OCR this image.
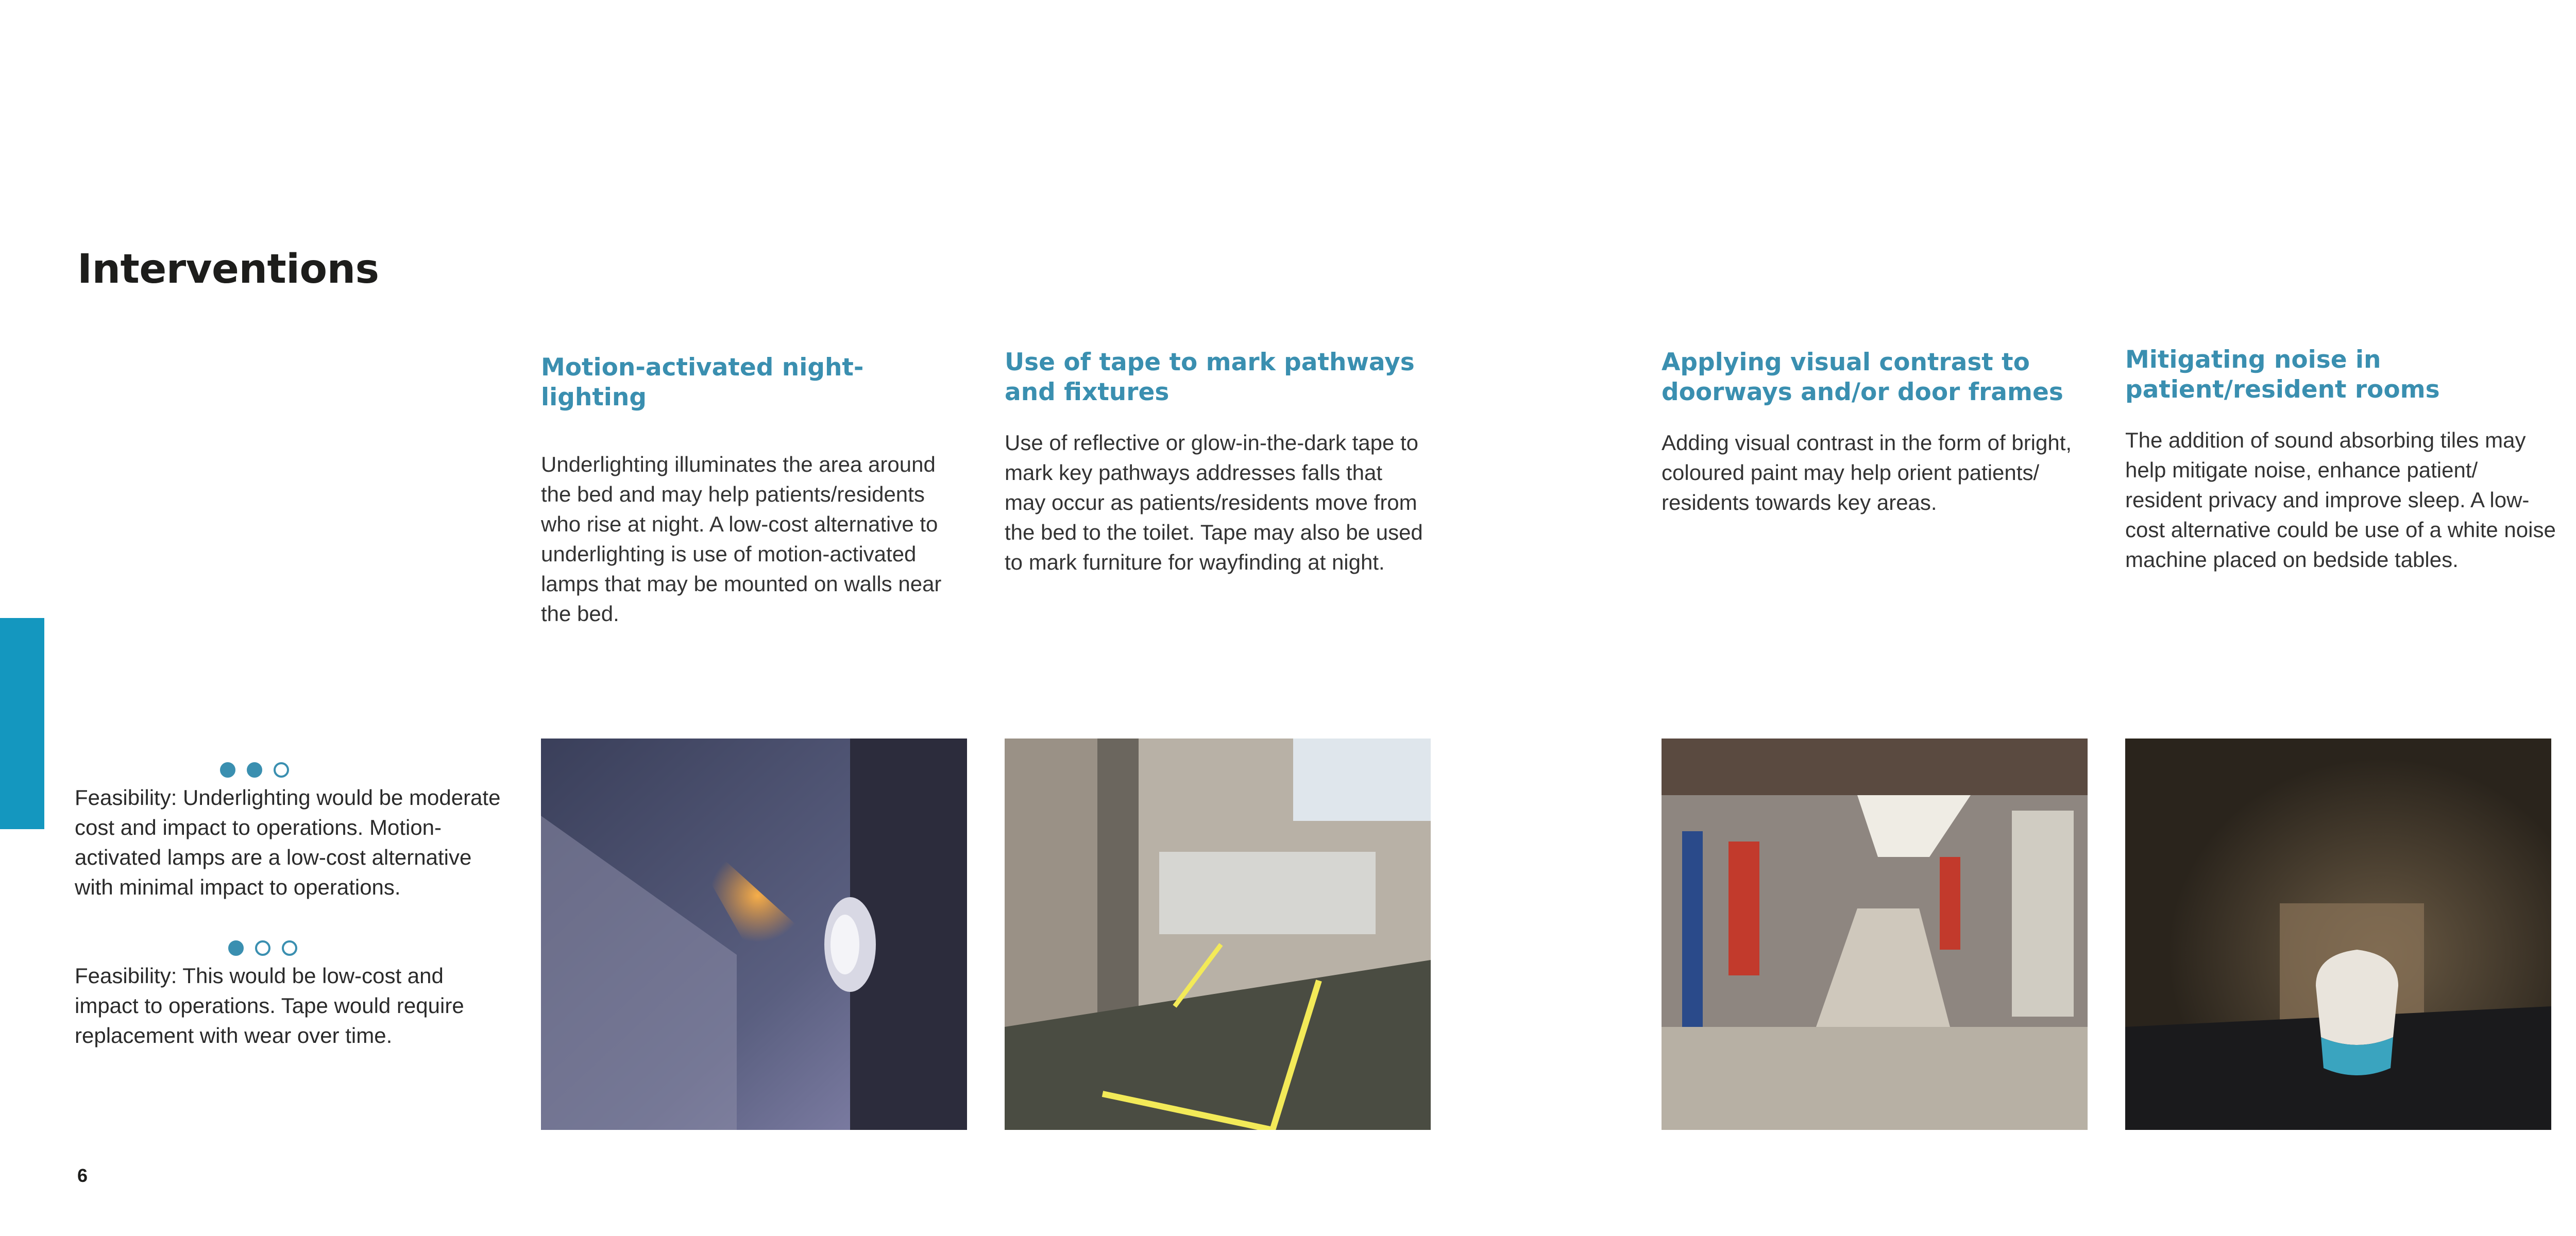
Interventions
Motion-activated night-lighting

Underlighting illuminates the area around the bed and may help patients/residents who rise at night. A low-cost alternative to underlighting is use of motion-activated lamps that may be mounted on walls near the bed.

Use of tape to mark pathways and fixtures

Use of reflective or glow-in-the-dark tape to mark key pathways addresses falls that may occur as patients/residents move from the bed to the toilet. Tape may also be used to mark furniture for wayfinding at night.

Applying visual contrast to doorways and/or door frames

Adding visual contrast in the form of bright, coloured paint may help orient patients/ residents towards key areas.

Mitigating noise in patient/resident rooms

The addition of sound absorbing tiles may help mitigate noise, enhance patient/ resident privacy and improve sleep. A low-cost alternative could be use of a white noise machine placed on bedside tables.

Feasibility: Underlighting would be moderate cost and impact to operations. Motion-activated lamps are a low-cost alternative with minimal impact to operations.

Feasibility: This would be low-cost and impact to operations. Tape would require replacement with wear over time.

6
